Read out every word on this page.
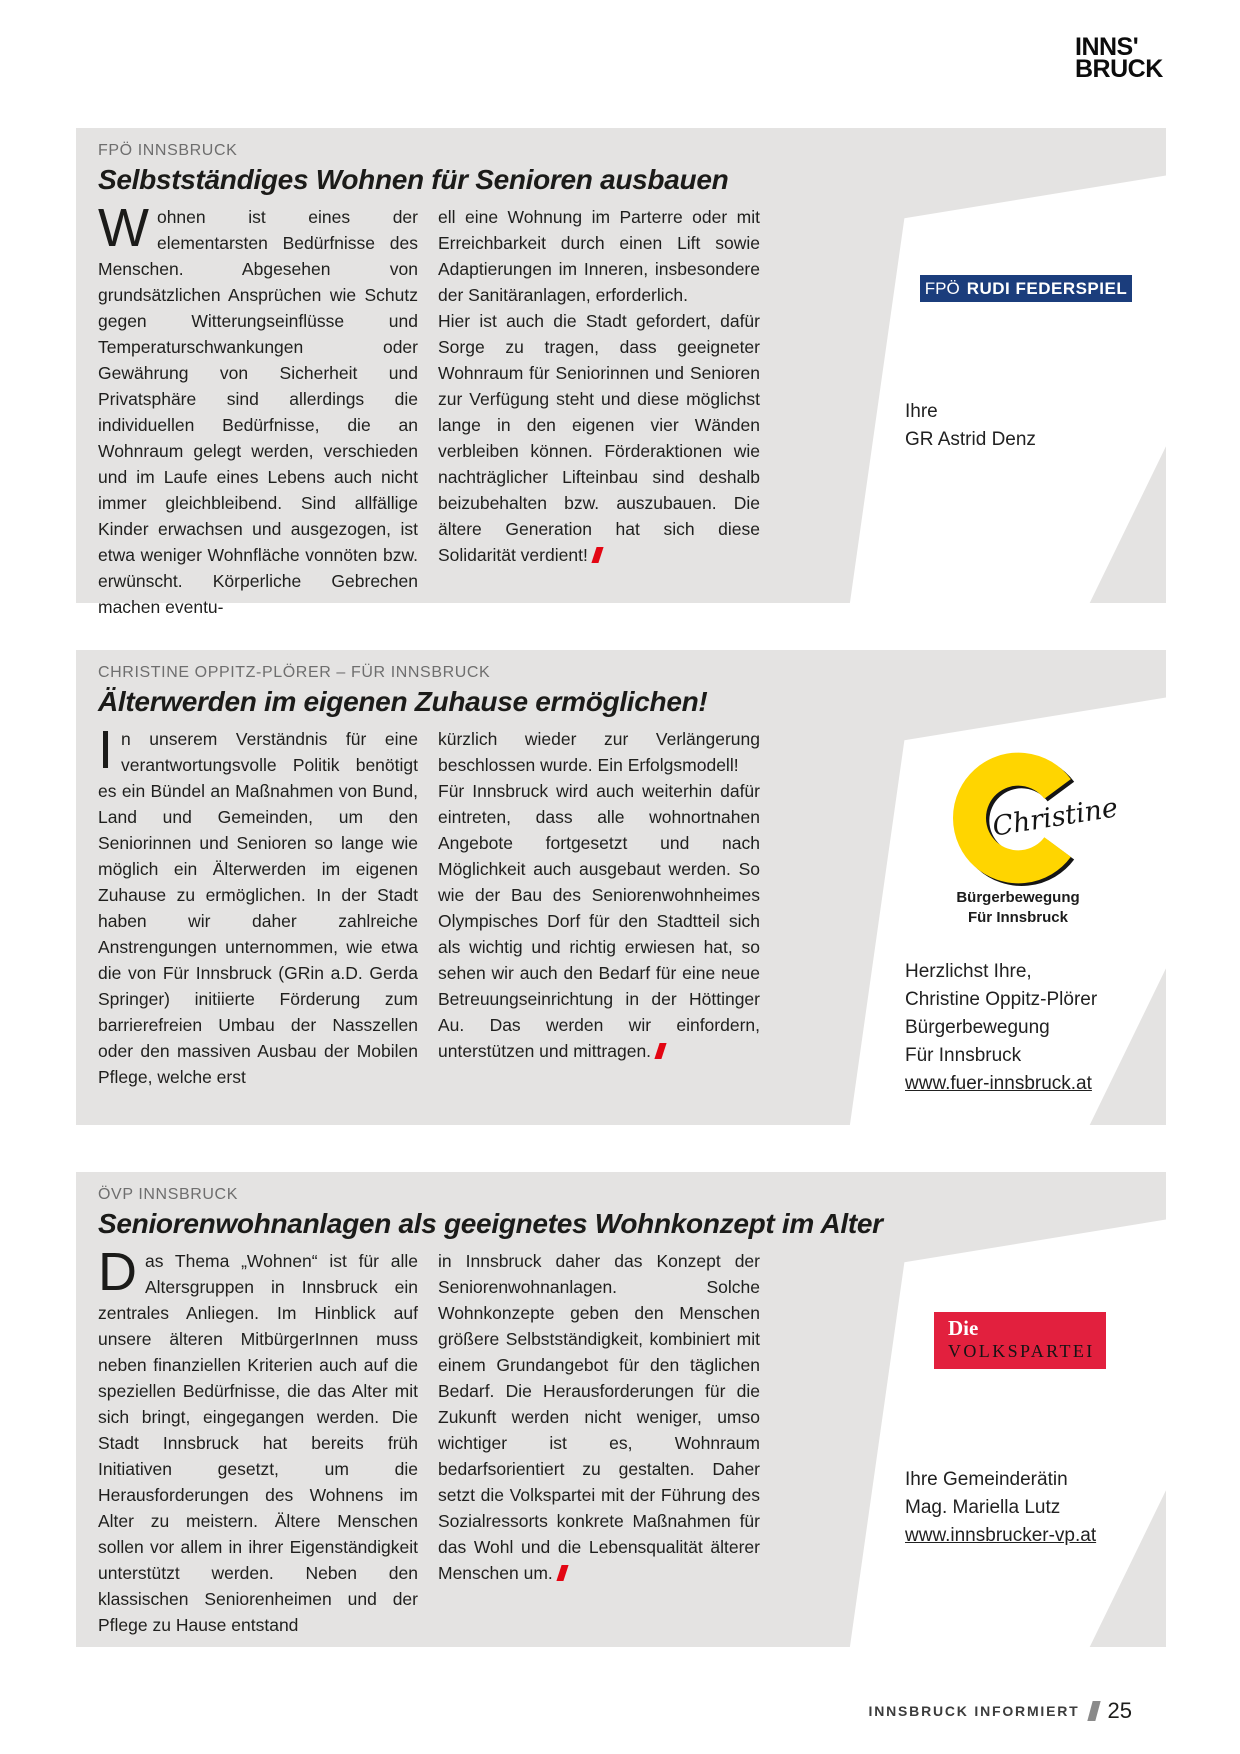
INNS'
BRUCK
FPÖ INNSBRUCK
Selbstständiges Wohnen für Senioren ausbauen

Wohnen ist eines der elementarsten Bedürfnisse des Menschen. Abgesehen von grundsätzlichen Ansprüchen wie Schutz gegen Witterungseinflüsse und Temperaturschwankungen oder Gewährung von Sicherheit und Privatsphäre sind allerdings die individuellen Bedürfnisse, die an Wohnraum gelegt werden, verschieden und im Laufe eines Lebens auch nicht immer gleichbleibend. Sind allfällige Kinder erwachsen und ausgezogen, ist etwa weniger Wohnfläche vonnöten bzw. erwünscht. Körperliche Gebrechen machen eventu-

ell eine Wohnung im Parterre oder mit Erreichbarkeit durch einen Lift sowie Adaptierungen im Inneren, insbesondere der Sanitäranlagen, erforderlich.

Hier ist auch die Stadt gefordert, dafür Sorge zu tragen, dass geeigneter Wohnraum für Seniorinnen und Senioren zur Verfügung steht und diese möglichst lange in den eigenen vier Wänden verbleiben können. Förderaktionen wie nachträglicher Lifteinbau sind deshalb beizubehalten bzw. auszubauen. Die ältere Generation hat sich diese Solidarität verdient!

FPÖ RUDI FEDERSPIEL
Ihre
GR Astrid Denz
CHRISTINE OPPITZ-PLÖRER – FÜR INNSBRUCK
Älterwerden im eigenen Zuhause ermöglichen!

In unserem Verständnis für eine verantwortungsvolle Politik benötigt es ein Bündel an Maßnahmen von Bund, Land und Gemeinden, um den Seniorinnen und Senioren so lange wie möglich ein Älterwerden im eigenen Zuhause zu ermöglichen. In der Stadt haben wir daher zahlreiche Anstrengungen unternommen, wie etwa die von Für Innsbruck (GRin a.D. Gerda Springer) initiierte Förderung zum barrierefreien Umbau der Nasszellen oder den massiven Ausbau der Mobilen Pflege, welche erst

kürzlich wieder zur Verlängerung beschlossen wurde. Ein Erfolgsmodell!

Für Innsbruck wird auch weiterhin dafür eintreten, dass alle wohnortnahen Angebote fortgesetzt und nach Möglichkeit auch ausgebaut werden. So wie der Bau des Seniorenwohnheimes Olympisches Dorf für den Stadtteil sich als wichtig und richtig erwiesen hat, so sehen wir auch den Bedarf für eine neue Betreuungseinrichtung in der Höttinger Au. Das werden wir einfordern, unterstützen und mittragen.

Christine
Bürgerbewegung
Für Innsbruck
Herzlichst Ihre,
Christine Oppitz-Plörer
Bürgerbewegung
Für Innsbruck
www.fuer-innsbruck.at
ÖVP INNSBRUCK
Seniorenwohnanlagen als geeignetes Wohnkonzept im Alter

Das Thema „Wohnen“ ist für alle Altersgruppen in Innsbruck ein zentrales Anliegen. Im Hinblick auf unsere älteren MitbürgerInnen muss neben finanziellen Kriterien auch auf die speziellen Bedürfnisse, die das Alter mit sich bringt, eingegangen werden. Die Stadt Innsbruck hat bereits früh Initiativen gesetzt, um die Herausforderungen des Wohnens im Alter zu meistern. Ältere Menschen sollen vor allem in ihrer Eigenständigkeit unterstützt werden. Neben den klassischen Seniorenheimen und der Pflege zu Hause entstand

in Innsbruck daher das Konzept der Seniorenwohnanlagen. Solche Wohnkonzepte geben den Menschen größere Selbstständigkeit, kombiniert mit einem Grundangebot für den täglichen Bedarf. Die Herausforderungen für die Zukunft werden nicht weniger, umso wichtiger ist es, Wohnraum bedarfsorientiert zu gestalten. Daher setzt die Volkspartei mit der Führung des Sozialressorts konkrete Maßnahmen für das Wohl und die Lebensqualität älterer Menschen um.

Die
VOLKSPARTEI
Ihre Gemeinderätin
Mag. Mariella Lutz
www.innsbrucker-vp.at
INNSBRUCK INFORMIERT 25
